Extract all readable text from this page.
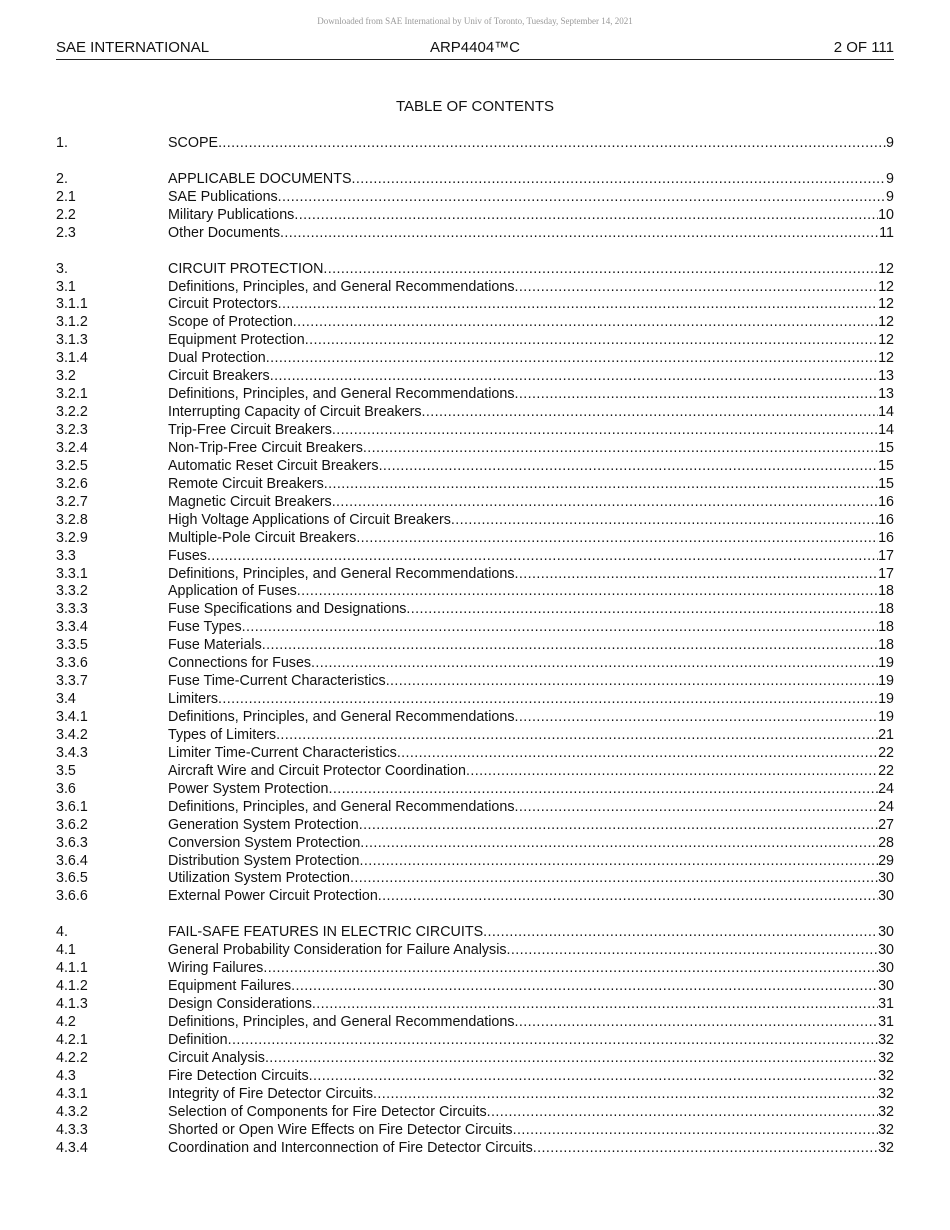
Downloaded from SAE International by Univ of Toronto, Tuesday, September 14, 2021
SAE INTERNATIONAL	ARP4404™C	2 OF 111
TABLE OF CONTENTS
1.	SCOPE .....	9
2.	APPLICABLE DOCUMENTS .....	9
2.1	SAE Publications .....	9
2.2	Military Publications .....	10
2.3	Other Documents .....	11
3.	CIRCUIT PROTECTION .....	12
3.1	Definitions, Principles, and General Recommendations .....	12
3.1.1	Circuit Protectors .....	12
3.1.2	Scope of Protection .....	12
3.1.3	Equipment Protection .....	12
3.1.4	Dual Protection .....	12
3.2	Circuit Breakers .....	13
3.2.1	Definitions, Principles, and General Recommendations .....	13
3.2.2	Interrupting Capacity of Circuit Breakers .....	14
3.2.3	Trip-Free Circuit Breakers .....	14
3.2.4	Non-Trip-Free Circuit Breakers .....	15
3.2.5	Automatic Reset Circuit Breakers .....	15
3.2.6	Remote Circuit Breakers .....	15
3.2.7	Magnetic Circuit Breakers .....	16
3.2.8	High Voltage Applications of Circuit Breakers .....	16
3.2.9	Multiple-Pole Circuit Breakers .....	16
3.3	Fuses .....	17
3.3.1	Definitions, Principles, and General Recommendations .....	17
3.3.2	Application of Fuses .....	18
3.3.3	Fuse Specifications and Designations .....	18
3.3.4	Fuse Types .....	18
3.3.5	Fuse Materials .....	18
3.3.6	Connections for Fuses .....	19
3.3.7	Fuse Time-Current Characteristics .....	19
3.4	Limiters .....	19
3.4.1	Definitions, Principles, and General Recommendations .....	19
3.4.2	Types of Limiters .....	21
3.4.3	Limiter Time-Current Characteristics .....	22
3.5	Aircraft Wire and Circuit Protector Coordination .....	22
3.6	Power System Protection .....	24
3.6.1	Definitions, Principles, and General Recommendations .....	24
3.6.2	Generation System Protection .....	27
3.6.3	Conversion System Protection .....	28
3.6.4	Distribution System Protection .....	29
3.6.5	Utilization System Protection .....	30
3.6.6	External Power Circuit Protection .....	30
4.	FAIL-SAFE FEATURES IN ELECTRIC CIRCUITS .....	30
4.1	General Probability Consideration for Failure Analysis .....	30
4.1.1	Wiring Failures .....	30
4.1.2	Equipment Failures .....	30
4.1.3	Design Considerations .....	31
4.2	Definitions, Principles, and General Recommendations .....	31
4.2.1	Definition .....	32
4.2.2	Circuit Analysis .....	32
4.3	Fire Detection Circuits .....	32
4.3.1	Integrity of Fire Detector Circuits .....	32
4.3.2	Selection of Components for Fire Detector Circuits .....	32
4.3.3	Shorted or Open Wire Effects on Fire Detector Circuits .....	32
4.3.4	Coordination and Interconnection of Fire Detector Circuits .....	32
